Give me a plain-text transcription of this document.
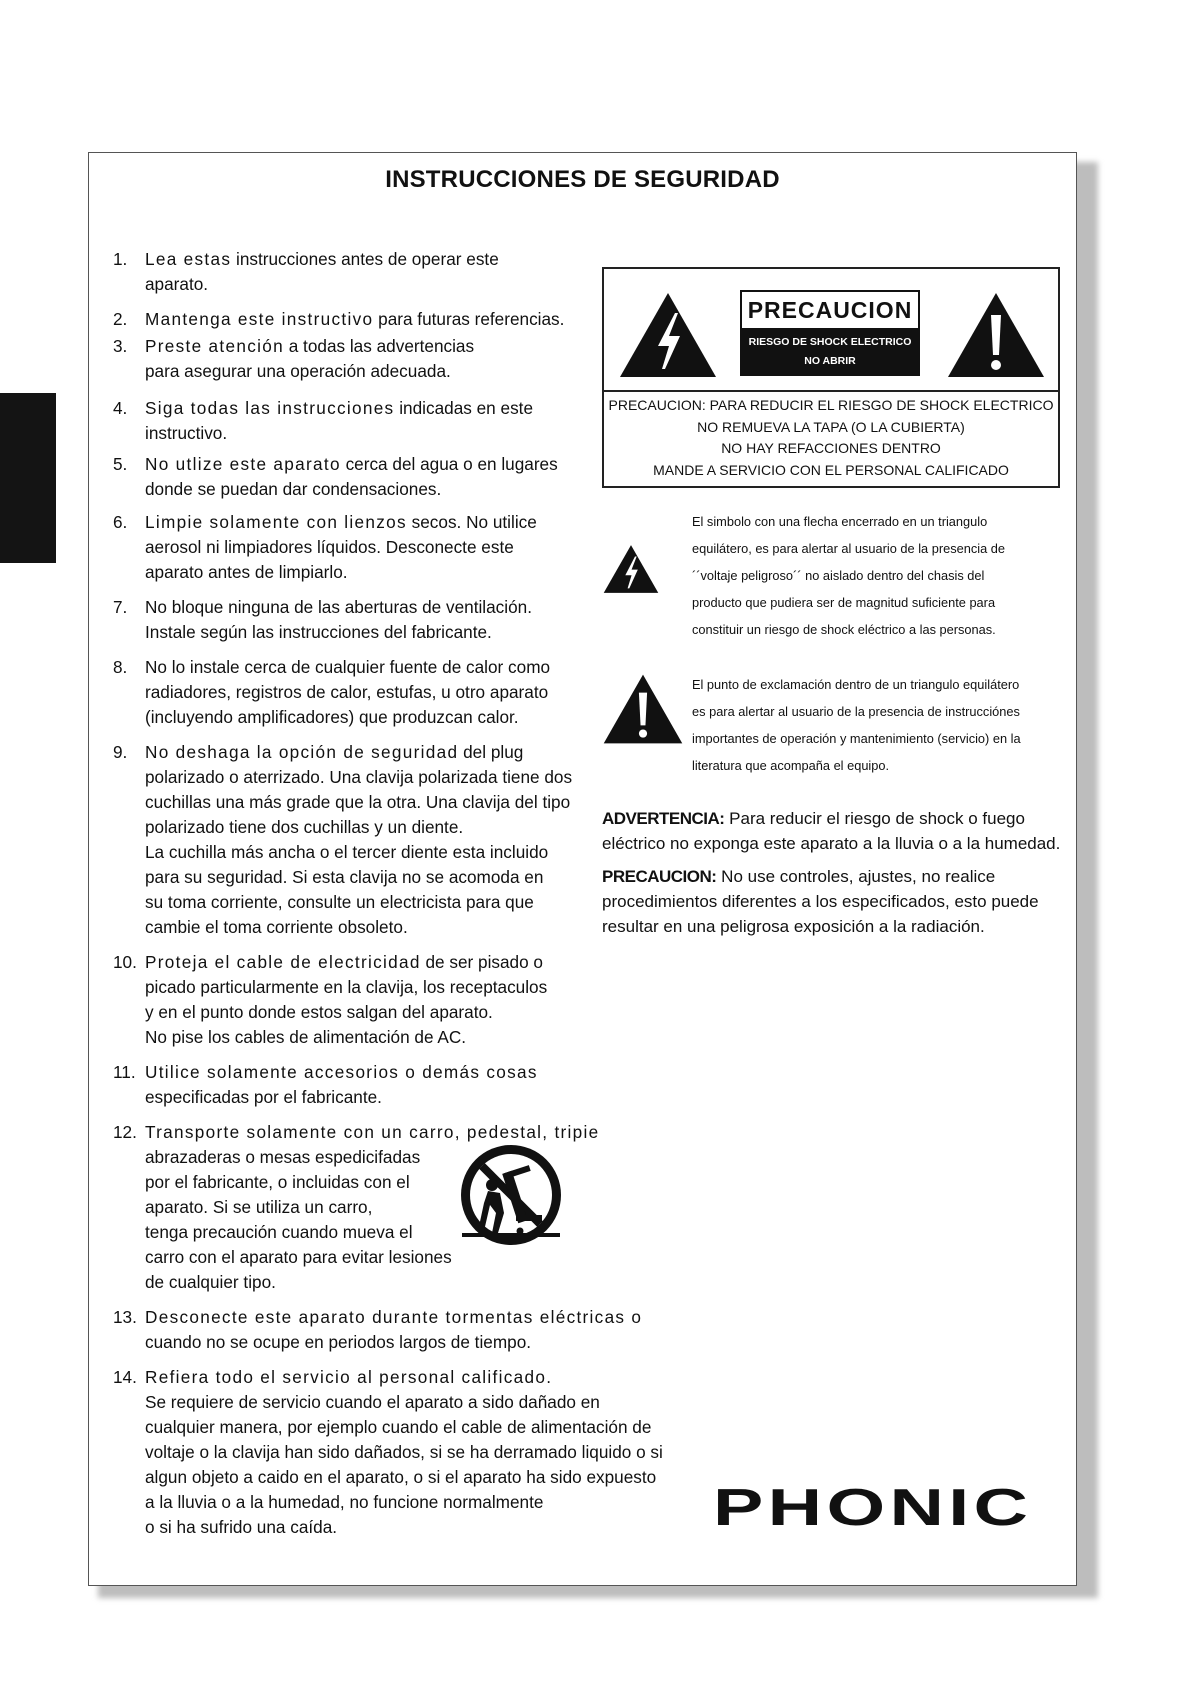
INSTRUCCIONES DE SEGURIDAD
1. Lea estas instrucciones antes de operar este
aparato.
2. Mantenga este instructivo para futuras referencias.
3. Preste atención a todas las advertencias
para asegurar una operación adecuada.
4. Siga todas las instrucciones indicadas en este
instructivo.
5. No utlize este aparato cerca del agua o en lugares
donde se puedan dar condensaciones.
6. Limpie solamente con lienzos secos. No utilice
aerosol ni limpiadores líquidos. Desconecte este
aparato antes de limpiarlo.
7. No bloque ninguna de las aberturas de ventilación.
Instale según las instrucciones del fabricante.
8. No lo instale cerca de cualquier fuente de calor como
radiadores, registros de calor, estufas, u otro aparato
(incluyendo amplificadores) que produzcan calor.
9. No deshaga la opción de seguridad del plug
polarizado o aterrizado. Una clavija polarizada tiene dos
cuchillas una más grade que la otra. Una clavija del tipo
polarizado tiene dos cuchillas y un diente.
La cuchilla más ancha o el tercer diente esta incluido
para su seguridad. Si esta clavija no se acomoda en
su toma corriente, consulte un electricista para que
cambie el toma corriente obsoleto.
10. Proteja el cable de electricidad de ser pisado o
picado particularmente en la clavija, los receptaculos
y en el punto donde estos salgan del aparato.
No pise los cables de alimentación de AC.
11. Utilice solamente accesorios o demás cosas
especificadas por el fabricante.
12. Transporte solamente con un carro, pedestal, tripie
abrazaderas o mesas espedicifadas
por el fabricante, o incluidas con el
aparato. Si se utiliza un carro,
tenga precaución cuando mueva el
carro con el aparato para evitar lesiones
de cualquier tipo.
13. Desconecte este aparato durante tormentas eléctricas o
cuando no se ocupe en periodos largos de tiempo.
14. Refiera todo el servicio al personal calificado.
Se requiere de servicio cuando el aparato a sido dañado en
cualquier manera, por ejemplo cuando el cable de alimentación de
voltaje o la clavija han sido dañados, si se ha derramado liquido o si
algun objeto a caido en el aparato, o si el aparato ha sido expuesto
a la lluvia o a la humedad, no funcione normalmente
o si ha sufrido una caída.
PRECAUCION
RIESGO DE SHOCK ELECTRICO
NO ABRIR
PRECAUCION: PARA REDUCIR EL RIESGO DE SHOCK ELECTRICO
NO REMUEVA LA TAPA (O LA CUBIERTA)
NO HAY REFACCIONES DENTRO
MANDE A SERVICIO CON EL PERSONAL CALIFICADO
El simbolo con una flecha encerrado en un triangulo
equilátero, es para alertar al usuario de la presencia de
´´voltaje peligroso´´ no aislado dentro del chasis del
producto que pudiera ser de magnitud suficiente para
constituir un riesgo de shock eléctrico a las personas.
El punto de exclamación dentro de un triangulo equilátero
es para alertar al usuario de la presencia de instrucciónes
importantes de operación y mantenimiento (servicio) en la
literatura que acompaña el equipo.

ADVERTENCIA: Para reducir el riesgo de shock o fuego eléctrico no exponga este aparato a la lluvia o a la humedad.

PRECAUCION: No use controles, ajustes, no realice procedimientos diferentes a los especificados, esto puede resultar en una peligrosa exposición a la radiación.

PHONIC
